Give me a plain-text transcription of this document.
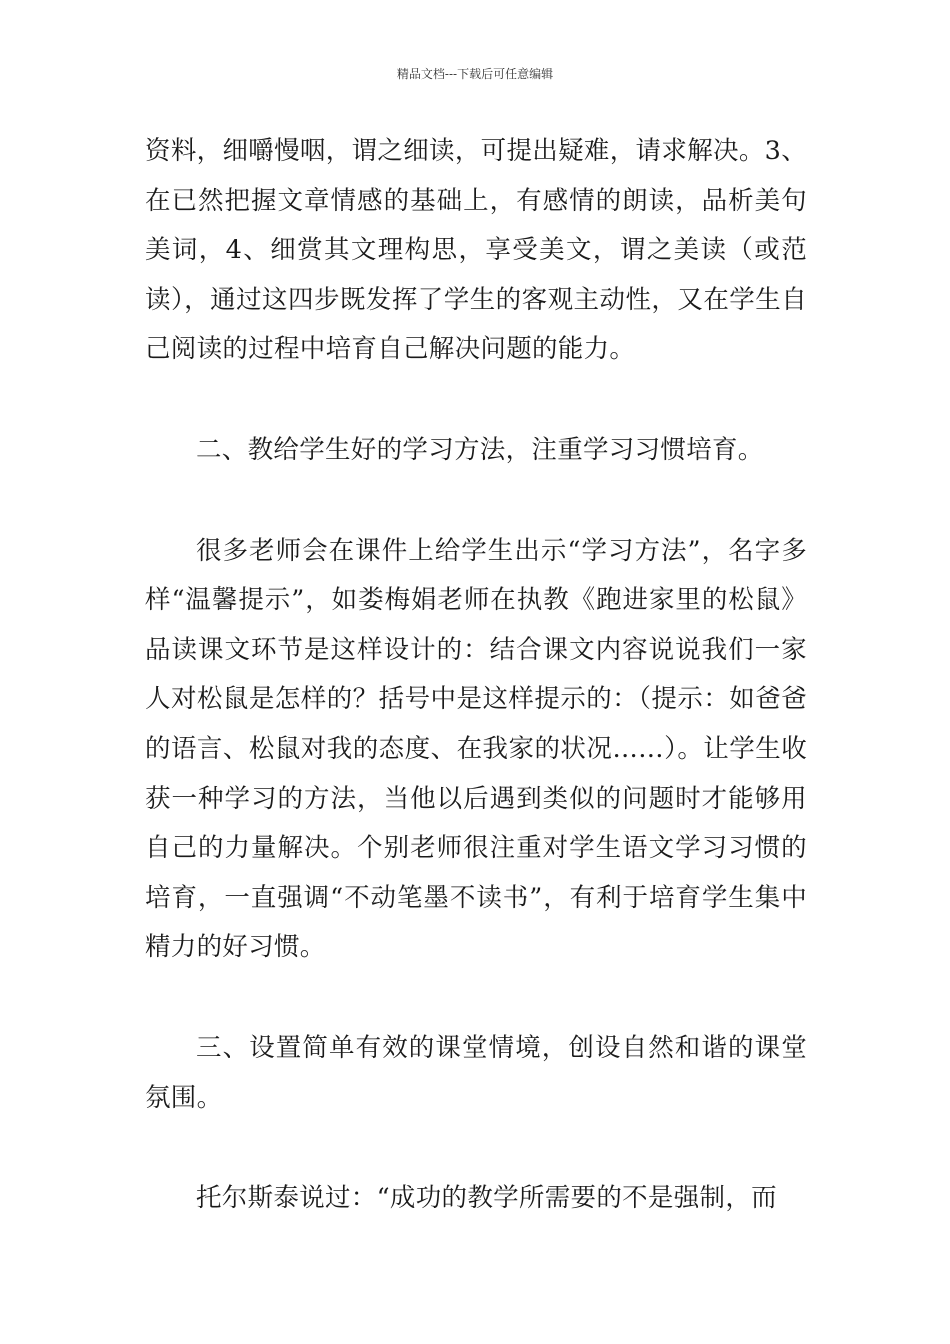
精品文档---下载后可任意编辑

资料，细嚼慢咽，谓之细读，可提出疑难，请求解决。3、在已然把握文章情感的基础上，有感情的朗读，品析美句美词，4、细赏其文理构思，享受美文，谓之美读（或范读），通过这四步既发挥了学生的客观主动性，又在学生自己阅读的过程中培育自己解决问题的能力。

二、教给学生好的学习方法，注重学习习惯培育。

很多老师会在课件上给学生出示“学习方法”，名字多样“温馨提示”，如娄梅娟老师在执教《跑进家里的松鼠》品读课文环节是这样设计的：结合课文内容说说我们一家人对松鼠是怎样的？括号中是这样提示的：（提示：如爸爸的语言、松鼠对我的态度、在我家的状况……）。让学生收获一种学习的方法，当他以后遇到类似的问题时才能够用自己的力量解决。个别老师很注重对学生语文学习习惯的培育，一直强调“不动笔墨不读书”，有利于培育学生集中精力的好习惯。

三、设置简单有效的课堂情境，创设自然和谐的课堂氛围。

托尔斯泰说过：“成功的教学所需要的不是强制，而
